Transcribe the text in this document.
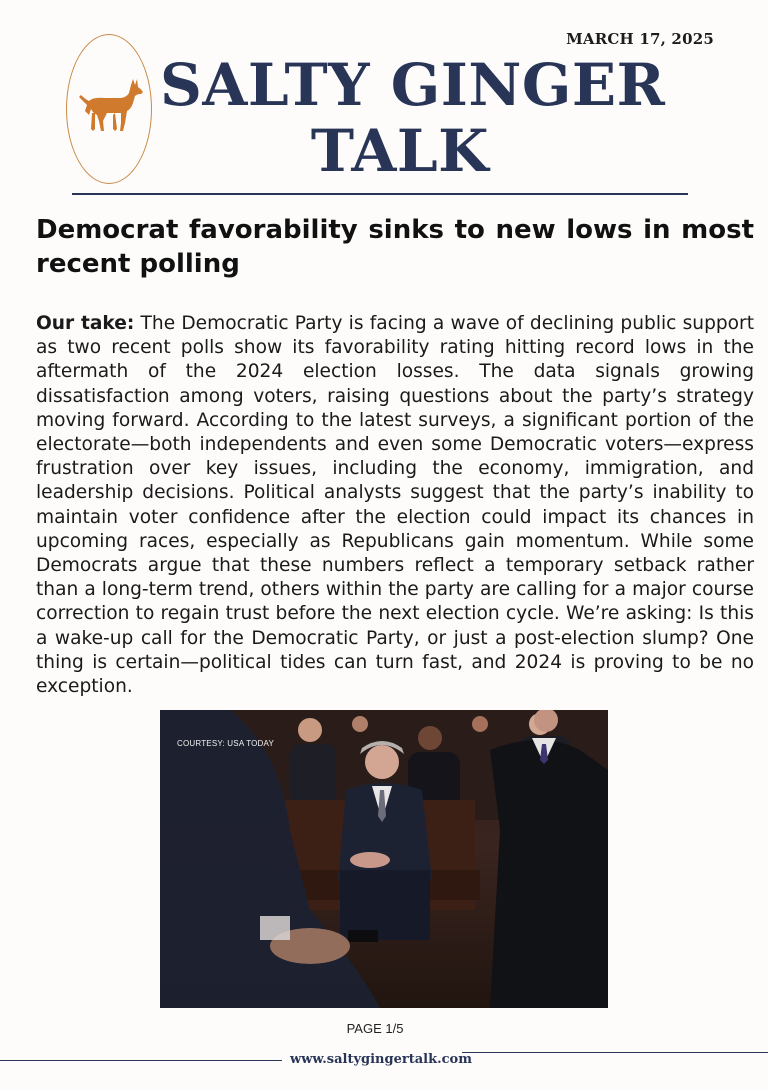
MARCH 17, 2025
SALTY GINGER
TALK
Democrat favorability sinks to new lows in most recent polling

Our take: The Democratic Party is facing a wave of declining public support as two recent polls show its favorability rating hitting record lows in the aftermath of the 2024 election losses. The data signals growing dissatisfaction among voters, raising questions about the party’s strategy moving forward. According to the latest surveys, a significant portion of the electorate—both independents and even some Democratic voters—express frustration over key issues, including the economy, immigration, and leadership decisions. Political analysts suggest that the party’s inability to maintain voter confidence after the election could impact its chances in upcoming races, especially as Republicans gain momentum. While some Democrats argue that these numbers reflect a temporary setback rather than a long-term trend, others within the party are calling for a major course correction to regain trust before the next election cycle. We’re asking: Is this a wake-up call for the Democratic Party, or just a post-election slump? One thing is certain—political tides can turn fast, and 2024 is proving to be no exception.

COURTESY: USA TODAY
PAGE 1/5
www.saltygingertalk.com
